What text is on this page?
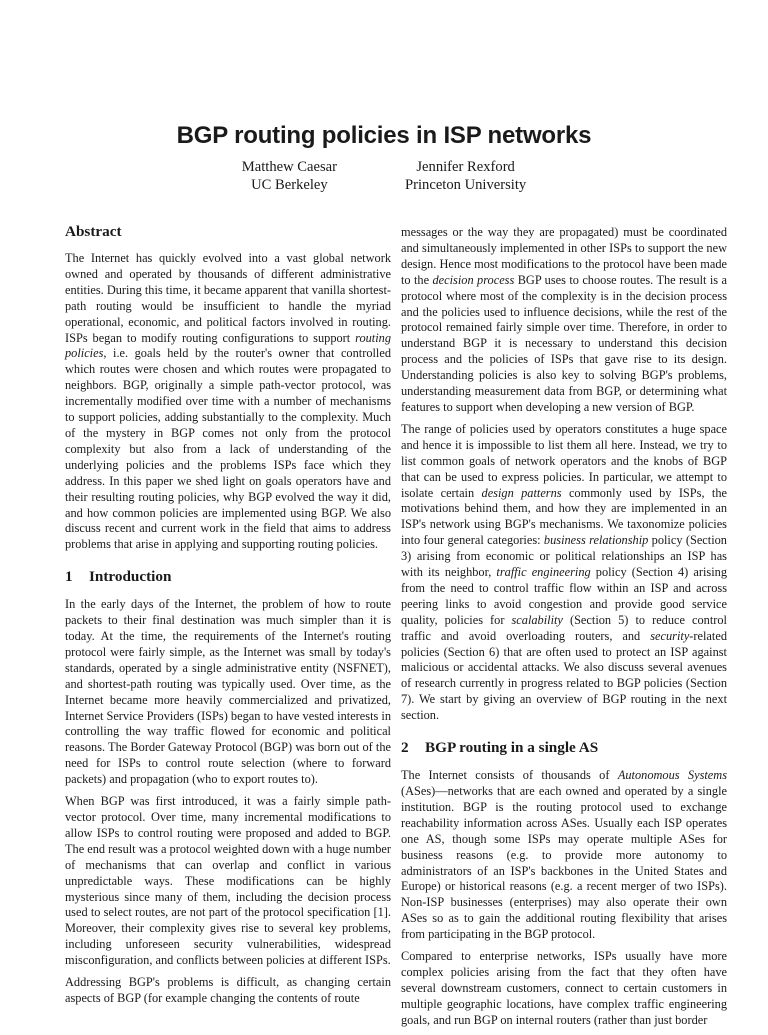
BGP routing policies in ISP networks
Matthew Caesar
UC Berkeley
Jennifer Rexford
Princeton University
Abstract

The Internet has quickly evolved into a vast global network owned and operated by thousands of different administrative entities. During this time, it became apparent that vanilla shortest-path routing would be insufficient to handle the myriad operational, economic, and political factors involved in routing. ISPs began to modify routing configurations to support routing policies, i.e. goals held by the router's owner that controlled which routes were chosen and which routes were propagated to neighbors. BGP, originally a simple path-vector protocol, was incrementally modified over time with a number of mechanisms to support policies, adding substantially to the complexity. Much of the mystery in BGP comes not only from the protocol complexity but also from a lack of understanding of the underlying policies and the problems ISPs face which they address. In this paper we shed light on goals operators have and their resulting routing policies, why BGP evolved the way it did, and how common policies are implemented using BGP. We also discuss recent and current work in the field that aims to address problems that arise in applying and supporting routing policies.

1 Introduction

In the early days of the Internet, the problem of how to route packets to their final destination was much simpler than it is today. At the time, the requirements of the Internet's routing protocol were fairly simple, as the Internet was small by today's standards, operated by a single administrative entity (NSFNET), and shortest-path routing was typically used. Over time, as the Internet became more heavily commercialized and privatized, Internet Service Providers (ISPs) began to have vested interests in controlling the way traffic flowed for economic and political reasons. The Border Gateway Protocol (BGP) was born out of the need for ISPs to control route selection (where to forward packets) and propagation (who to export routes to).

When BGP was first introduced, it was a fairly simple path-vector protocol. Over time, many incremental modifications to allow ISPs to control routing were proposed and added to BGP. The end result was a protocol weighted down with a huge number of mechanisms that can overlap and conflict in various unpredictable ways. These modifications can be highly mysterious since many of them, including the decision process used to select routes, are not part of the protocol specification [1]. Moreover, their complexity gives rise to several key problems, including unforeseen security vulnerabilities, widespread misconfiguration, and conflicts between policies at different ISPs.

Addressing BGP's problems is difficult, as changing certain aspects of BGP (for example changing the contents of route

messages or the way they are propagated) must be coordinated and simultaneously implemented in other ISPs to support the new design. Hence most modifications to the protocol have been made to the decision process BGP uses to choose routes. The result is a protocol where most of the complexity is in the decision process and the policies used to influence decisions, while the rest of the protocol remained fairly simple over time. Therefore, in order to understand BGP it is necessary to understand this decision process and the policies of ISPs that gave rise to its design. Understanding policies is also key to solving BGP's problems, understanding measurement data from BGP, or determining what features to support when developing a new version of BGP.

The range of policies used by operators constitutes a huge space and hence it is impossible to list them all here. Instead, we try to list common goals of network operators and the knobs of BGP that can be used to express policies. In particular, we attempt to isolate certain design patterns commonly used by ISPs, the motivations behind them, and how they are implemented in an ISP's network using BGP's mechanisms. We taxonomize policies into four general categories: business relationship policy (Section 3) arising from economic or political relationships an ISP has with its neighbor, traffic engineering policy (Section 4) arising from the need to control traffic flow within an ISP and across peering links to avoid congestion and provide good service quality, policies for scalability (Section 5) to reduce control traffic and avoid overloading routers, and security-related policies (Section 6) that are often used to protect an ISP against malicious or accidental attacks. We also discuss several avenues of research currently in progress related to BGP policies (Section 7). We start by giving an overview of BGP routing in the next section.

2 BGP routing in a single AS

The Internet consists of thousands of Autonomous Systems (ASes)—networks that are each owned and operated by a single institution. BGP is the routing protocol used to exchange reachability information across ASes. Usually each ISP operates one AS, though some ISPs may operate multiple ASes for business reasons (e.g. to provide more autonomy to administrators of an ISP's backbones in the United States and Europe) or historical reasons (e.g. a recent merger of two ISPs). Non-ISP businesses (enterprises) may also operate their own ASes so as to gain the additional routing flexibility that arises from participating in the BGP protocol.

Compared to enterprise networks, ISPs usually have more complex policies arising from the fact that they often have several downstream customers, connect to certain customers in multiple geographic locations, have complex traffic engineering goals, and run BGP on internal routers (rather than just border
